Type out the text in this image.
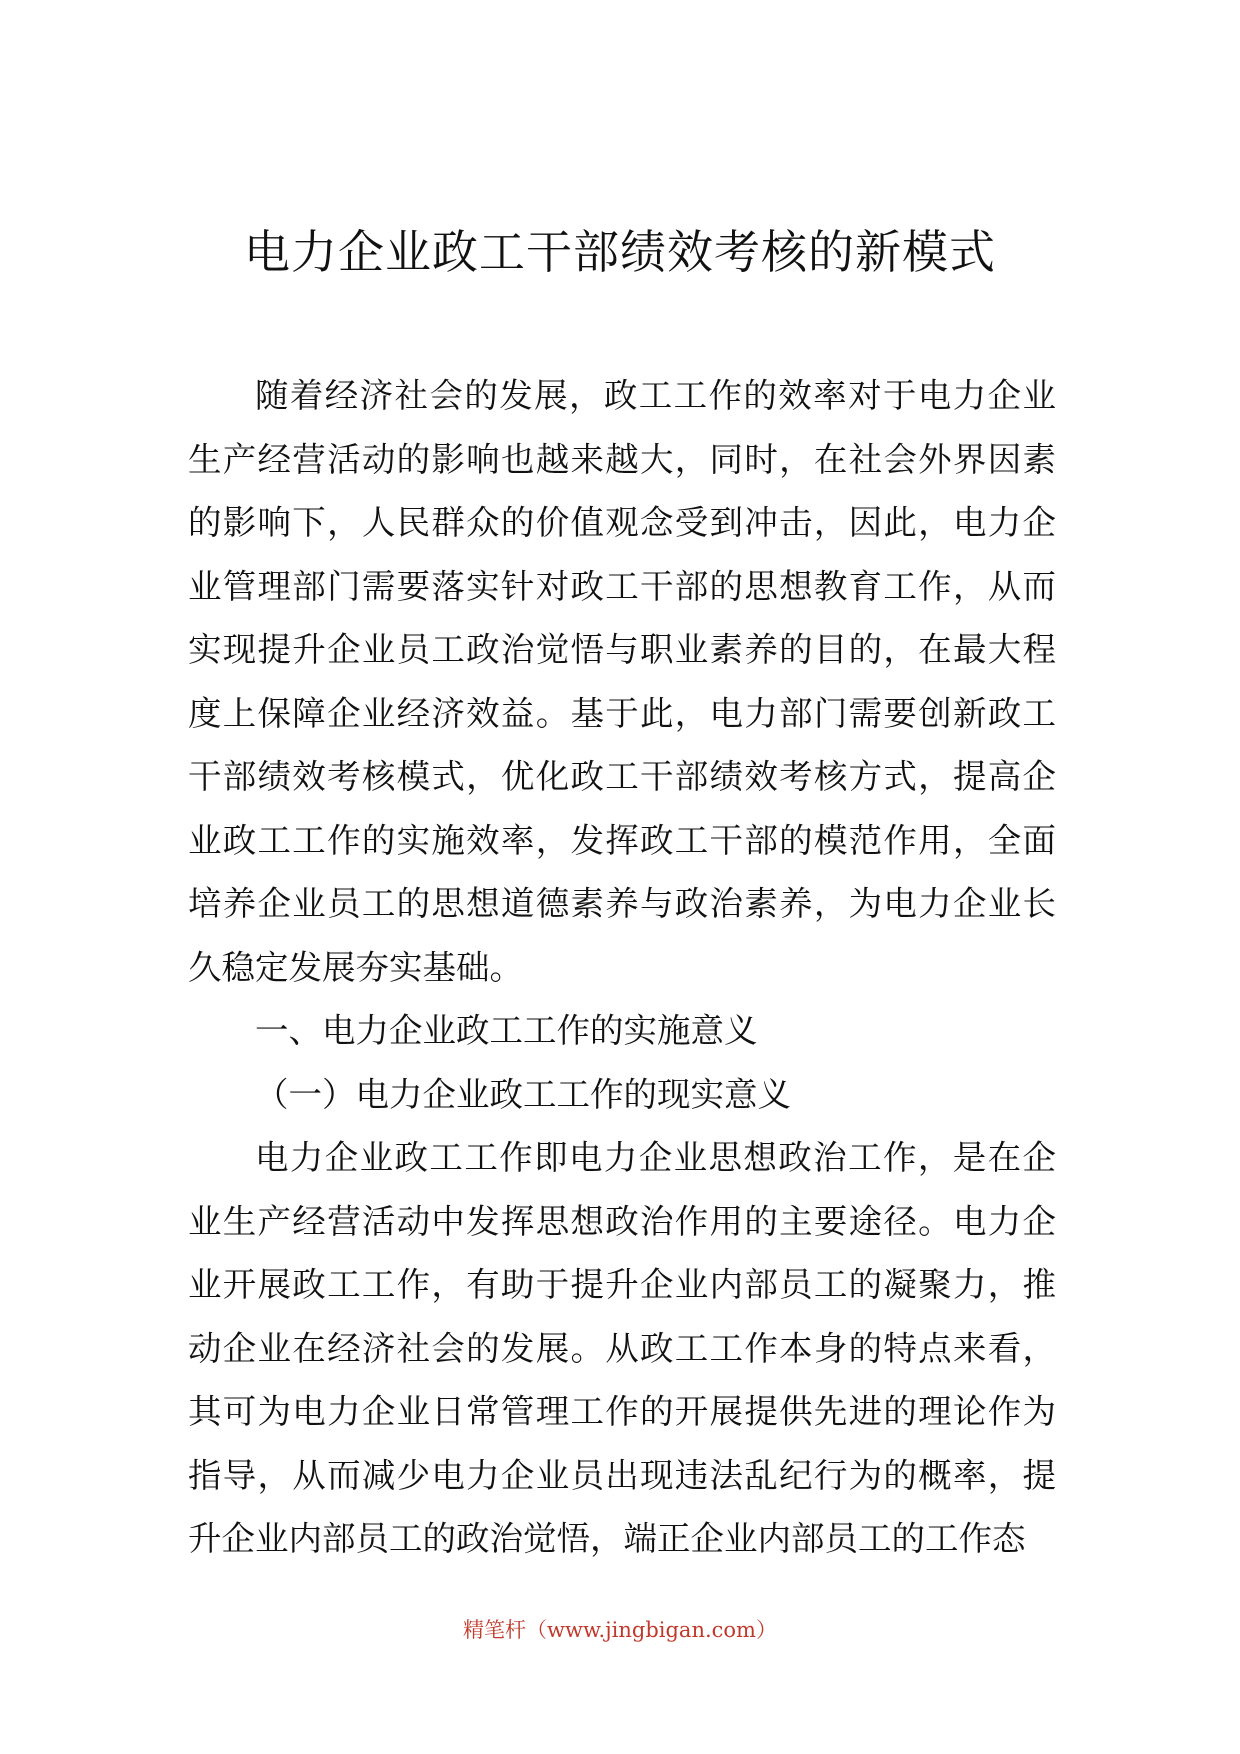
电力企业政工干部绩效考核的新模式

随着经济社会的发展，政工工作的效率对于电力企业生产经营活动的影响也越来越大，同时，在社会外界因素的影响下，人民群众的价值观念受到冲击，因此，电力企业管理部门需要落实针对政工干部的思想教育工作，从而实现提升企业员工政治觉悟与职业素养的目的，在最大程度上保障企业经济效益。基于此，电力部门需要创新政工干部绩效考核模式，优化政工干部绩效考核方式，提高企业政工工作的实施效率，发挥政工干部的模范作用，全面培养企业员工的思想道德素养与政治素养，为电力企业长久稳定发展夯实基础。

一、电力企业政工工作的实施意义

（一）电力企业政工工作的现实意义

电力企业政工工作即电力企业思想政治工作，是在企业生产经营活动中发挥思想政治作用的主要途径。电力企业开展政工工作，有助于提升企业内部员工的凝聚力，推动企业在经济社会的发展。从政工工作本身的特点来看，其可为电力企业日常管理工作的开展提供先进的理论作为指导，从而减少电力企业员出现违法乱纪行为的概率，提升企业内部员工的政治觉悟，端正企业内部员工的工作态

精笔杆（www.jingbigan.com）
